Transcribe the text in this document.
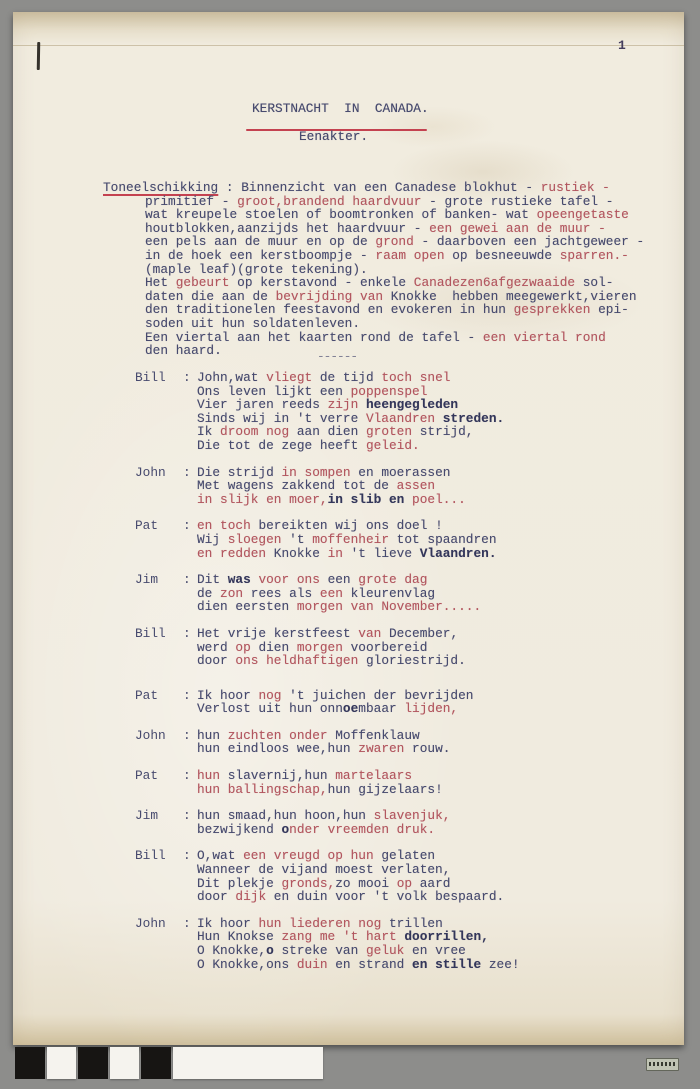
1
KERSTNACHT  IN  CANADA.
Eenakter.
Toneelschikking : Binnenzicht van een Canadese blokhut - rustiek -
primitief - groot,brandend haardvuur - grote rustieke tafel -
wat kreupele stoelen of boomtronken of banken- wat opeengetaste
houtblokken,aanzijds het haardvuur - een gewei aan de muur -
een pels aan de muur en op de grond - daarboven een jachtgeweer -
in de hoek een kerstboompje - raam open op besneeuwde sparren.-
(maple leaf)(grote tekening).
Het gebeurt op kerstavond - enkele Canadezen6afgezwaaide sol-
daten die aan de bevrijding van Knokke  hebben meegewerkt,vieren
den traditionelen feestavond en evokeren in hun gesprekken epi-
soden uit hun soldatenleven.
Een viertal aan het kaarten rond de tafel - een viertal rond
den haard.	------
Bill : John,wat vliegt de tijd toch snel
Ons leven lijkt een poppenspel
Vier jaren reeds zijn heengegleden
Sinds wij in 't verre Vlaandren streden.
Ik droom nog aan dien groten strijd,
Die tot de zege heeft geleid.
John : Die strijd in sompen en moerassen
Met wagens zakkend tot de assen
in slijk en moer,in slib en poel...
Pat : en toch bereikten wij ons doel !
Wij sloegen 't moffenheir tot spaandren
en redden Knokke in 't lieve Vlaandren.
Jim : Dit was voor ons een grote dag
de zon rees als een kleurenvlag
dien eersten morgen van November.....
Bill : Het vrije kerstfeest van December,
werd op dien morgen voorbereid
door ons heldhaftigen gloriestrijd.
Pat : Ik hoor nog 't juichen der bevrijden
Verlost uit hun onnoembaar lijden,
John : hun zuchten onder Moffenklauw
hun eindloos wee,hun zwaren rouw.
Pat : hun slavernij,hun martelaars
hun ballingschap,hun gijzelaars!
Jim : hun smaad,hun hoon,hun slavenjuk,
bezwijkend onder vreemden druk.
Bill : O,wat een vreugd op hun gelaten
Wanneer de vijand moest verlaten,
Dit plekje gronds,zo mooi op aard
door dijk en duin voor 't volk bespaard.
John : Ik hoor hun liederen nog trillen
Hun Knokse zang me 't hart doorrillen,
O Knokke,o streke van geluk en vree
O Knokke,ons duin en strand en stille zee!
